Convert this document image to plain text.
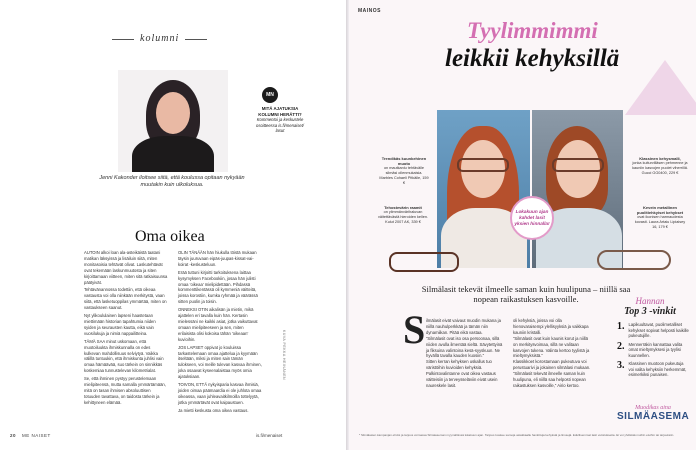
kolumni
Jenni Kakonder iloitsee siitä, että koulussa opitaan nykyään muutakin kuin ulkoluksua.
MN
MITÄ AJATUKSIA KOLUMNI HERÄTTI?
Kommentoi ja keskustele osoitteessa is.fi/menaiset/ lasut
Oma oikea

AUTOIN alkoi loan ala-asteikäistä taatani matikan läksyissä ja lisäiluin siitä, miten monitasoisia tehtävät olivat. Laskutehtävät ovat tekemään laskunmuutosta ja siten kirjoittamaan viitteen, miten sitä ratkaisuunsa päätyivät.

Tehtävänannossa todettiin, että oikeaa vastausta voi olla niinkään merkitystä, vaan siitä, että lasketuoppilas ymmärtää, miten on vastaukseen saanut.

Nyt ylikoululainen lapseni haastetaan miettimään historian tapahtumia niiden syiden ja seurausten kautta, eikä vain vuosilukuja ja nimiä nappailitteina.

TÄMÄ SAA minut uskomaan, että muotoiluukta ihmiskunnalla on edes kulkevan mahdollisuus selviytyä. Vaikka välillä tuntuukin, että ihmiskunta juhlisi vain omaa hämäävää, suo tärkein on sinnikkäs koskemiaa tunnustelevan kilometrialat.

Se, että ihminen pystyy perustelemaan mielipiteensä, mutta samalla ymmärtämään, mitä on tasan ihmisen absoluuttisen totuuden tavattava, on taidosta tärkein ja kehittyneen elämää.

OLIN TÄNÄÄN hän hiukulla töistä mukaan täysin juuruvaan eipäs-juupas-kissat-vai-koirat -keskusteluun.

Erää tuttuni kirjoitti tarkoituksena laittaa kysymyksen Facebookiin, josaa hän julisti omaa 'oikeaa' mielipidettään. Pihdassä kommenttikentässä oli kymmeniä väitteitä, joissa korostiin, kumka ryhmää ja väärässä sitten puolin ja toisin.

ONNEKSI OTIN aikalisän ja mietin, mikä ajattelen eri tavalla kuin hän. Kertasin mielessäni ne kaikki asiat, jotka vaikuttavat omaan mielipiteeseen ja sen, miten erilaisista olisi kokoisa tähän 'oikeaan' kuvioihin.

JOS LAPSET oppivat jo kouluissa tarkastelemaan omaa ajattelua ja kyymään itseltään, miksi ja miten sain tämän tulokseen, voi meille tulevan kasvaa ihminen, joka osaavat kyseenalaistaa myös omia ajatuksiaan.

TOIVON, ETTÄ nykyisparia kasvaa ihmisiä, joiden oimaa päämaardia ei ole juhlota omaa oikeassa, vaan juhleavaitkilmoilla tottelyytä, jotka ymmärtävät ovat kaipaustuen.

Ja mietti keskusta oma oikea vastaus.

KUVA PEKKA HEINÄNEN
20 ME NAISET	is.fi/menaiset
MAINOS
Tyylimmimmi
leikkii kehyksillä
Lokakuun ajan kahdet lasit yksien hinnalla!
Trendikäs kuunkehinen muoto
on mautkanlu tehtävälle silmäsi ollenmukaisia. Marbles Cohaeli Pitkälle, 159 €
Tehostevärin raamit
on ylimmänvärihaluvan väitettävästä hieroiden kellen. Kulut 2007 AK, 339 €
Klassinen kehysmalli,
jonka kuiturvilläsen pehmenne ja kauniin kasvojen puolet viherrillä. Gucci GG0400, 229 €
Kevein metallinen puolitiehkyiset kehykset
ovat ikonisen harmaudesta kovasti. Laura Artaiu Lipiaisey 16, 179 €
Silmälasit tekevät ilmeelle saman kuin huulipuna – niillä saa nopean raikastuksen kasvoille.
S ilmälasit eivät vaivaut muodin mukana ja niillä nauhulperkkää ja tämän niin dynamiikan. Pitää eikä vastaa.

”Silmälasit ovat iso osa persoonaa, sillä niiden avulla ilmentää sieltä. Sävytettyinä ja fiksuina valintoina kesä-syyskuun. Ne hyvällä tavalla kauden kuosiin.”

Sitten kerran kehyksen uskallus tuo väristöihin kuvioiden kehyksiä.

Palkintovalintanne ovat oikea vastaus väitteisiin ja terveysseläviin eivät usein naureskele lasit.

oli kehyksiä, joissa voi olla hienovaraisempi ylellisyyksiä ja vaikkapa kauniin kristalli.

”Silmälasit ovat kuin kaunis korut ja niillä on merkitysvoimaa, sillä ne valitaan kasvojen tukena. Valinta kertoo tyylistä ja mieltymyksistä.”

Klassikkoet korostamaan pukeutuva voi perustuarivi ja jokainen silmälasi mukaan.

”Silmälasit tekevät ilmeelle saman kuin huulipuna, eli niillä saa helposti nopean raikastuksen kasvoille,” Airio kertoo.

Hannan
Top 3 -vinkit
1. Lapikuultavat, puolimetalliset kehykset sopivat helposti kaikille pukeutujille.
2. Mennerräkin kannattaa valita omat mieltymyksesi ja tyylisi kuunnellen.
3. Klassinen muotoon pukeutuja voi valita kehyksiin herkemmät, esimerkiksi punaisen.
Muodikas aina
SILMÄASEMA
* Silmälasien kampanjan ehdot ja tarjous voimassa Silmäaseman myymälöissä lokakuun ajan. Tarjous koskee samoja asiakkaalle hankittuja kehyksiä ja linssejä. Edullisemmat lasit veloituksetta. Ei voi yhdistää muihin etuihin tai tarjouksiin.
